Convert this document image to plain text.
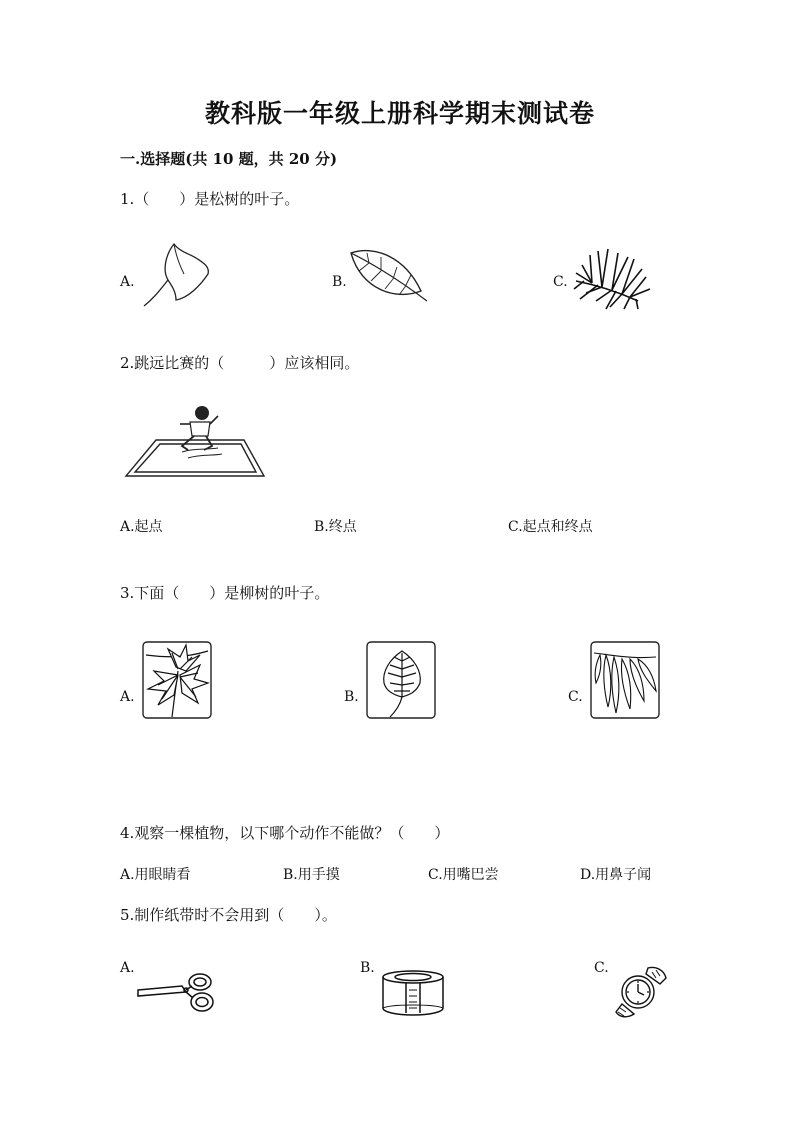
教科版一年级上册科学期末测试卷
一.选择题(共 10 题，共 20 分)
1.（　　）是松树的叶子。
A.	B.	C.
2.跳远比赛的（　　　）应该相同。
A.起点	B.终点	C.起点和终点
3.下面（　　）是柳树的叶子。
A.	B.	C.
4.观察一棵植物，以下哪个动作不能做？（　　）
A.用眼睛看	B.用手摸	C.用嘴巴尝	D.用鼻子闻
5.制作纸带时不会用到（　　）。
A.	B.	C.
